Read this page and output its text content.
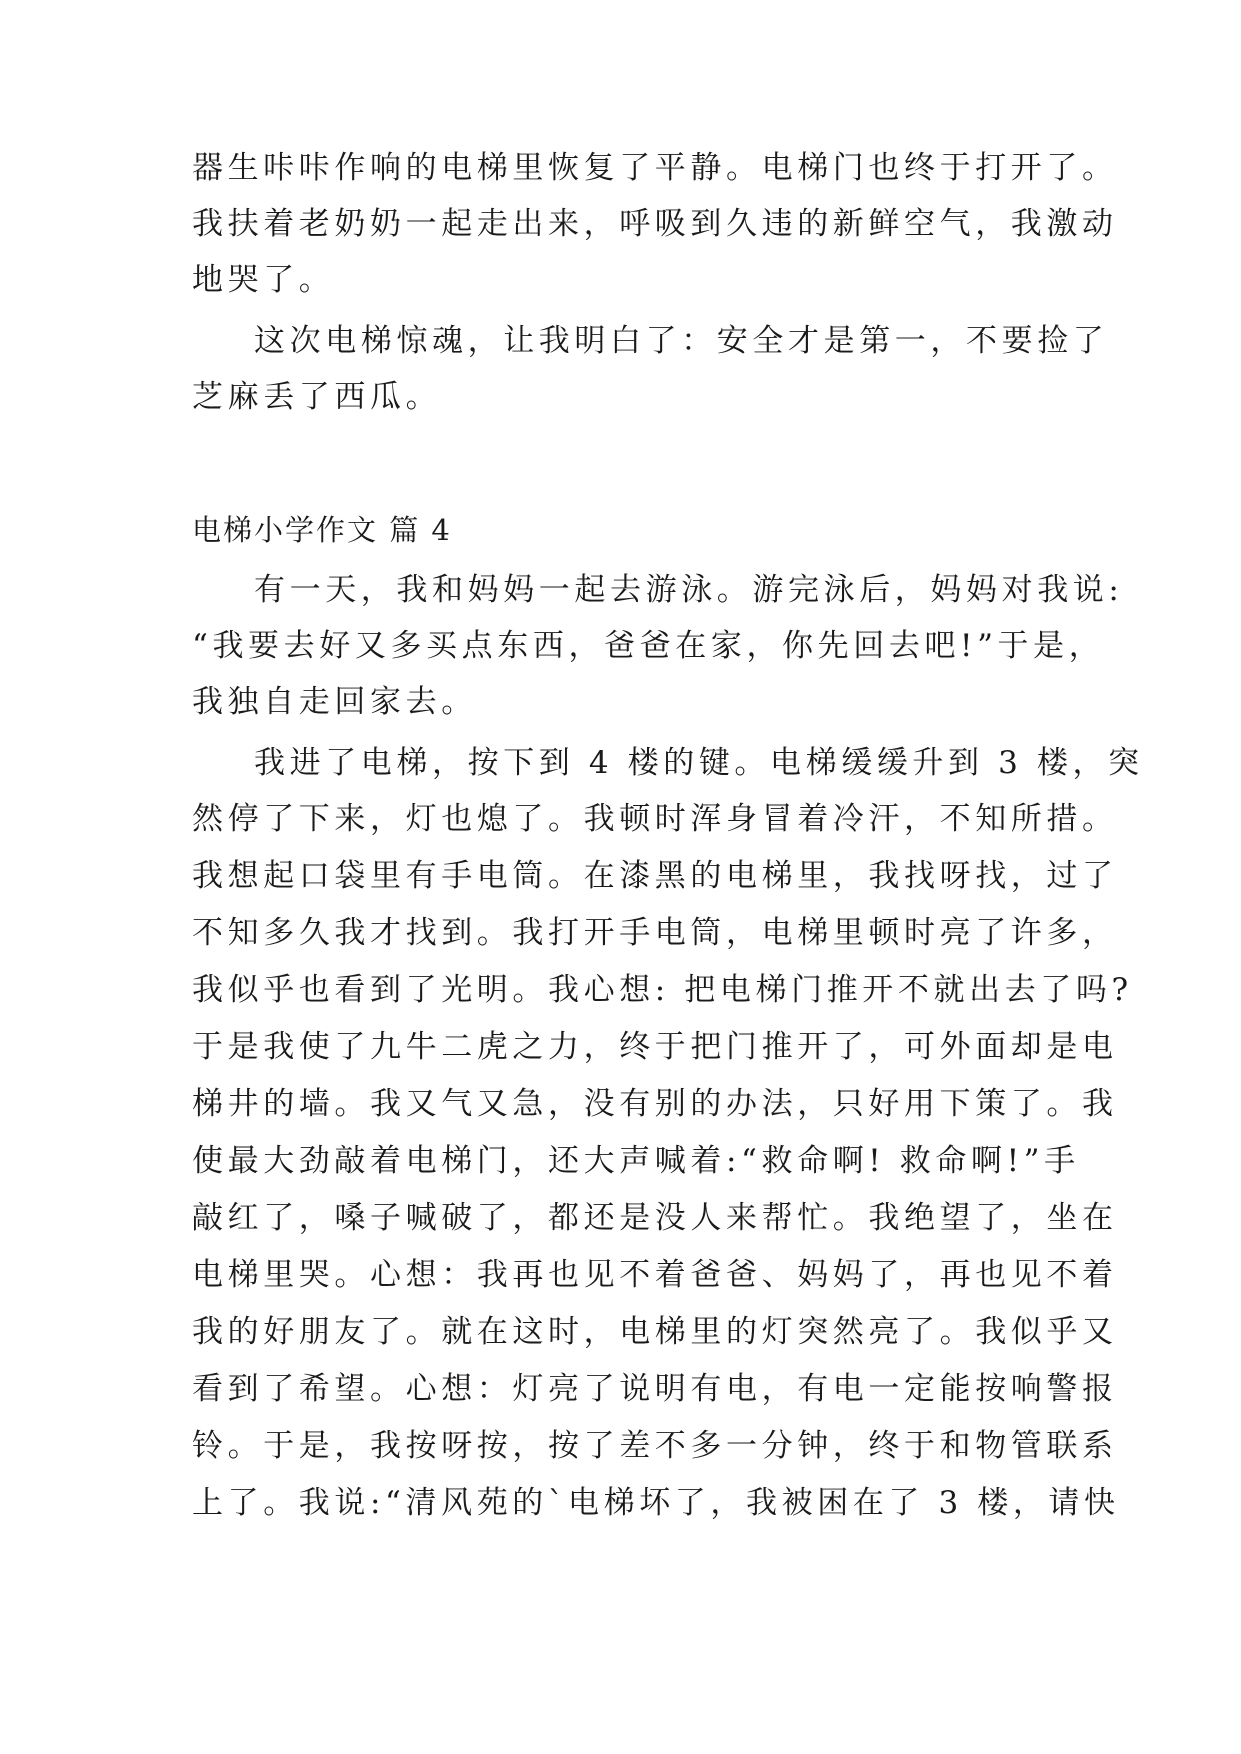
器生咔咔作响的电梯里恢复了平静。电梯门也终于打开了。
我扶着老奶奶一起走出来，呼吸到久违的新鲜空气，我激动
地哭了。
这次电梯惊魂，让我明白了：安全才是第一，不要捡了
芝麻丢了西瓜。
电梯小学作文 篇 4
有一天，我和妈妈一起去游泳。游完泳后，妈妈对我说:
“我要去好又多买点东西，爸爸在家，你先回去吧!”于是，
我独自走回家去。
我进了电梯，按下到 4 楼的键。电梯缓缓升到 3 楼，突
然停了下来，灯也熄了。我顿时浑身冒着冷汗，不知所措。
我想起口袋里有手电筒。在漆黑的电梯里，我找呀找，过了
不知多久我才找到。我打开手电筒，电梯里顿时亮了许多，
我似乎也看到了光明。我心想: 把电梯门推开不就出去了吗?
于是我使了九牛二虎之力，终于把门推开了，可外面却是电
梯井的墙。我又气又急，没有别的办法，只好用下策了。我
使最大劲敲着电梯门，还大声喊着:“救命啊! 救命啊!”手
敲红了，嗓子喊破了，都还是没人来帮忙。我绝望了，坐在
电梯里哭。心想：我再也见不着爸爸、妈妈了，再也见不着
我的好朋友了。就在这时，电梯里的灯突然亮了。我似乎又
看到了希望。心想：灯亮了说明有电，有电一定能按响警报
铃。于是，我按呀按，按了差不多一分钟，终于和物管联系
上了。我说:“清风苑的`电梯坏了，我被困在了 3 楼，请快
